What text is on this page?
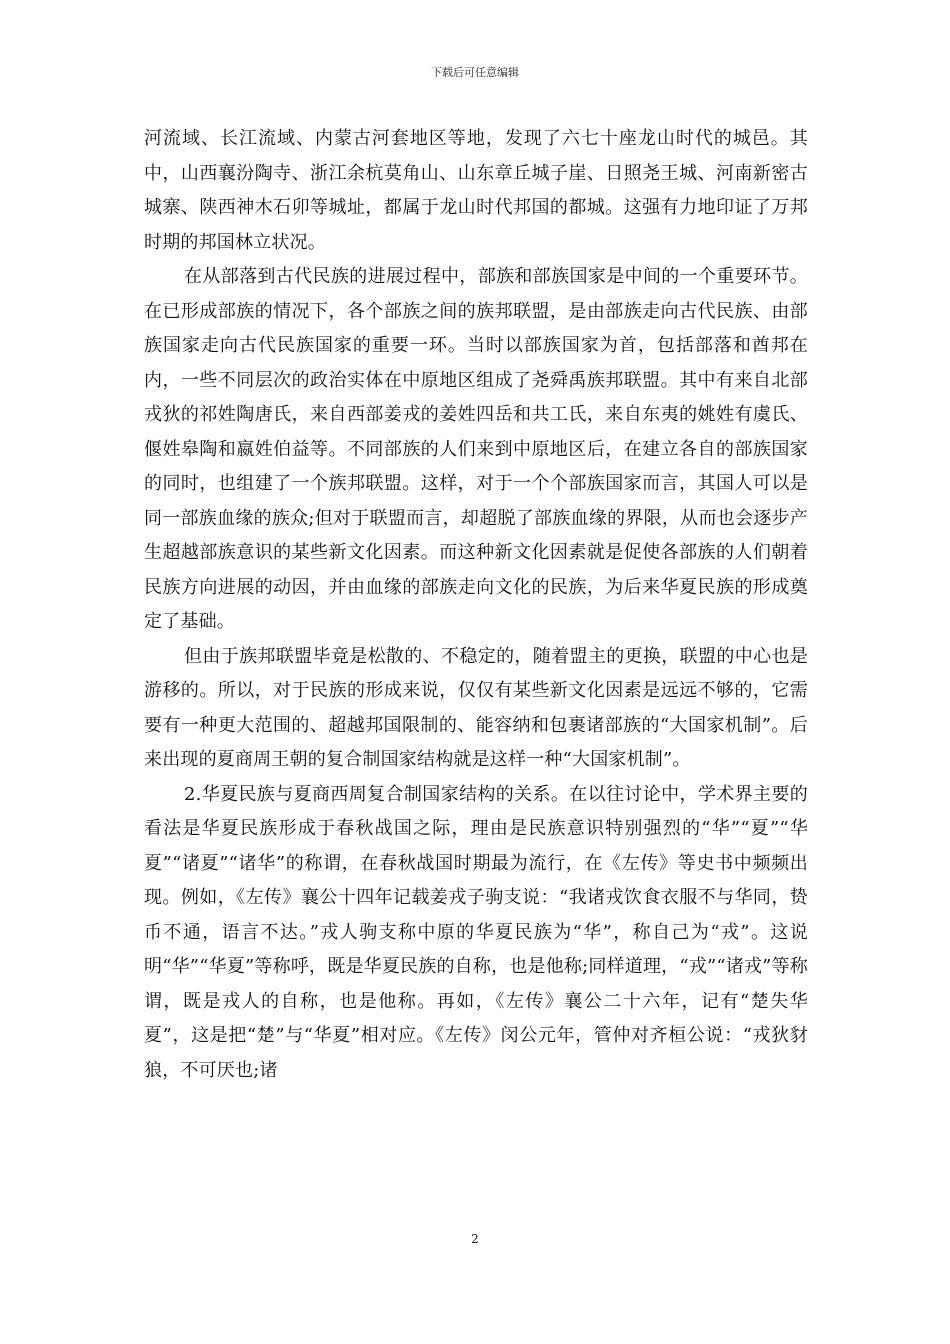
下载后可任意编辑

河流域、长江流域、内蒙古河套地区等地，发现了六七十座龙山时代的城邑。其中，山西襄汾陶寺、浙江余杭莫角山、山东章丘城子崖、日照尧王城、河南新密古城寨、陕西神木石卯等城址，都属于龙山时代邦国的都城。这强有力地印证了万邦时期的邦国林立状况。

在从部落到古代民族的进展过程中，部族和部族国家是中间的一个重要环节。在已形成部族的情况下，各个部族之间的族邦联盟，是由部族走向古代民族、由部族国家走向古代民族国家的重要一环。当时以部族国家为首，包括部落和酋邦在内，一些不同层次的政治实体在中原地区组成了尧舜禹族邦联盟。其中有来自北部戎狄的祁姓陶唐氏，来自西部姜戎的姜姓四岳和共工氏，来自东夷的姚姓有虞氏、偃姓皋陶和嬴姓伯益等。不同部族的人们来到中原地区后，在建立各自的部族国家的同时，也组建了一个族邦联盟。这样，对于一个个部族国家而言，其国人可以是同一部族血缘的族众;但对于联盟而言，却超脱了部族血缘的界限，从而也会逐步产生超越部族意识的某些新文化因素。而这种新文化因素就是促使各部族的人们朝着民族方向进展的动因，并由血缘的部族走向文化的民族，为后来华夏民族的形成奠定了基础。

但由于族邦联盟毕竟是松散的、不稳定的，随着盟主的更换，联盟的中心也是游移的。所以，对于民族的形成来说，仅仅有某些新文化因素是远远不够的，它需要有一种更大范围的、超越邦国限制的、能容纳和包裹诸部族的“大国家机制”。后来出现的夏商周王朝的复合制国家结构就是这样一种“大国家机制”。

2.华夏民族与夏商西周复合制国家结构的关系。在以往讨论中，学术界主要的看法是华夏民族形成于春秋战国之际，理由是民族意识特别强烈的“华”“夏”“华夏”“诸夏”“诸华”的称谓，在春秋战国时期最为流行，在《左传》等史书中频频出现。例如，《左传》襄公十四年记载姜戎子驹支说：“我诸戎饮食衣服不与华同，贽币不通，语言不达。”戎人驹支称中原的华夏民族为“华”，称自己为“戎”。这说明“华”“华夏”等称呼，既是华夏民族的自称，也是他称;同样道理，“戎”“诸戎”等称谓，既是戎人的自称，也是他称。再如，《左传》襄公二十六年，记有“楚失华夏”，这是把“楚”与“华夏”相对应。《左传》闵公元年，管仲对齐桓公说：“戎狄豺狼，不可厌也;诸

2
